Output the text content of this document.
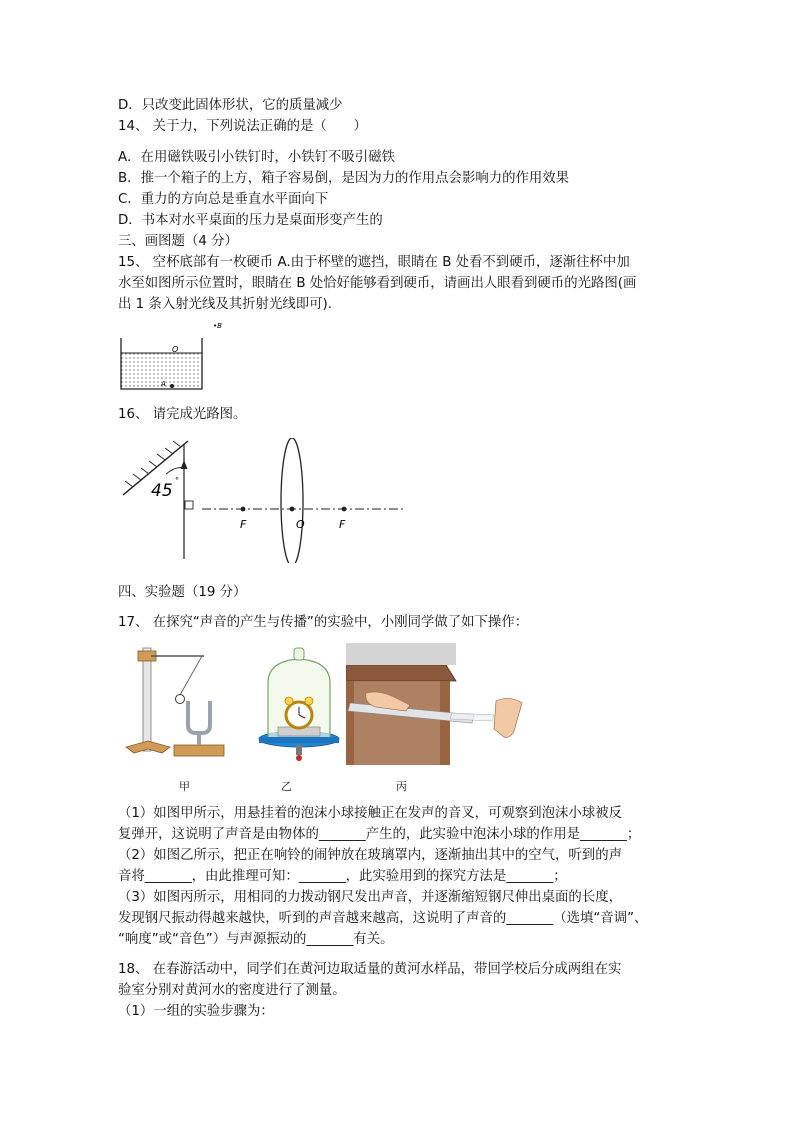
D．只改变此固体形状，它的质量减少
14、 关于力，下列说法正确的是（　　）
A．在用磁铁吸引小铁钉时，小铁钉不吸引磁铁
B．推一个箱子的上方，箱子容易倒，是因为力的作用点会影响力的作用效果
C．重力的方向总是垂直水平面向下
D．书本对水平桌面的压力是桌面形变产生的
三、画图题（4 分）
15、 空杯底部有一枚硬币 A.由于杯壁的遮挡，眼睛在 B 处看不到硬币，逐渐往杯中加
水至如图所示位置时，眼睛在 B 处恰好能够看到硬币，请画出人眼看到硬币的光路图(画
出 1 条入射光线及其折射光线即可).
•B
O
A
16、 请完成光路图。
45
°
F	O	F
四、实验题（19 分）
17、 在探究“声音的产生与传播”的实验中，小刚同学做了如下操作：
甲	乙	丙
（1）如图甲所示，用悬挂着的泡沫小球接触正在发声的音叉，可观察到泡沫小球被反
复弹开，这说明了声音是由物体的_______产生的，此实验中泡沫小球的作用是_______；
（2）如图乙所示，把正在响铃的闹钟放在玻璃罩内，逐渐抽出其中的空气，听到的声
音将_______，由此推理可知：_______，此实验用到的探究方法是_______；
（3）如图丙所示，用相同的力拨动钢尺发出声音，并逐渐缩短钢尺伸出桌面的长度，
发现钢尺振动得越来越快，听到的声音越来越高，这说明了声音的_______（选填“音调”、
“响度”或“音色”）与声源振动的_______有关。
18、 在春游活动中，同学们在黄河边取适量的黄河水样品，带回学校后分成两组在实
验室分别对黄河水的密度进行了测量。
（1）一组的实验步骤为：
